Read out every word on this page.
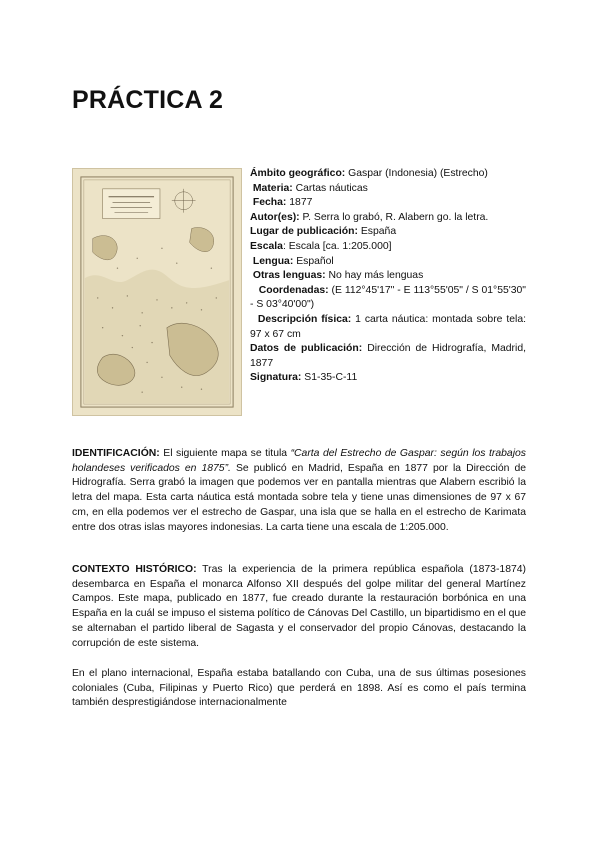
PRÁCTICA 2
Ámbito geográfico: Gaspar (Indonesia) (Estrecho)
Materia: Cartas náuticas
Fecha: 1877
Autor(es): P. Serra lo grabó, R. Alabern go. la letra.
Lugar de publicación: España
Escala: Escala [ca. 1:205.000]
Lengua: Español
Otras lenguas: No hay más lenguas
Coordenadas: (E 112°45'17" - E 113°55'05" / S 01°55'30" - S 03°40'00")
Descripción física: 1 carta náutica: montada sobre tela: 97 x 67 cm
Datos de publicación: Dirección de Hidrografía, Madrid, 1877
Signatura: S1-35-C-11

IDENTIFICACIÓN: El siguiente mapa se titula “Carta del Estrecho de Gaspar: según los trabajos holandeses verificados en 1875”. Se publicó en Madrid, España en 1877 por la Dirección de Hidrografía. Serra grabó la imagen que podemos ver en pantalla mientras que Alabern escribió la letra del mapa. Esta carta náutica está montada sobre tela y tiene unas dimensiones de 97 x 67 cm, en ella podemos ver el estrecho de Gaspar, una isla que se halla en el estrecho de Karimata entre dos otras islas mayores indonesias. La carta tiene una escala de 1:205.000.

CONTEXTO HISTÓRICO: Tras la experiencia de la primera república española (1873-1874) desembarca en España el monarca Alfonso XII después del golpe militar del general Martínez Campos. Este mapa, publicado en 1877, fue creado durante la restauración borbónica en una España en la cuál se impuso el sistema político de Cánovas Del Castillo, un bipartidismo en el que se alternaban el partido liberal de Sagasta y el conservador del propio Cánovas, destacando la corrupción de este sistema.

En el plano internacional, España estaba batallando con Cuba, una de sus últimas posesiones coloniales (Cuba, Filipinas y Puerto Rico) que perderá en 1898. Así es como el país termina también desprestigiándose internacionalmente
